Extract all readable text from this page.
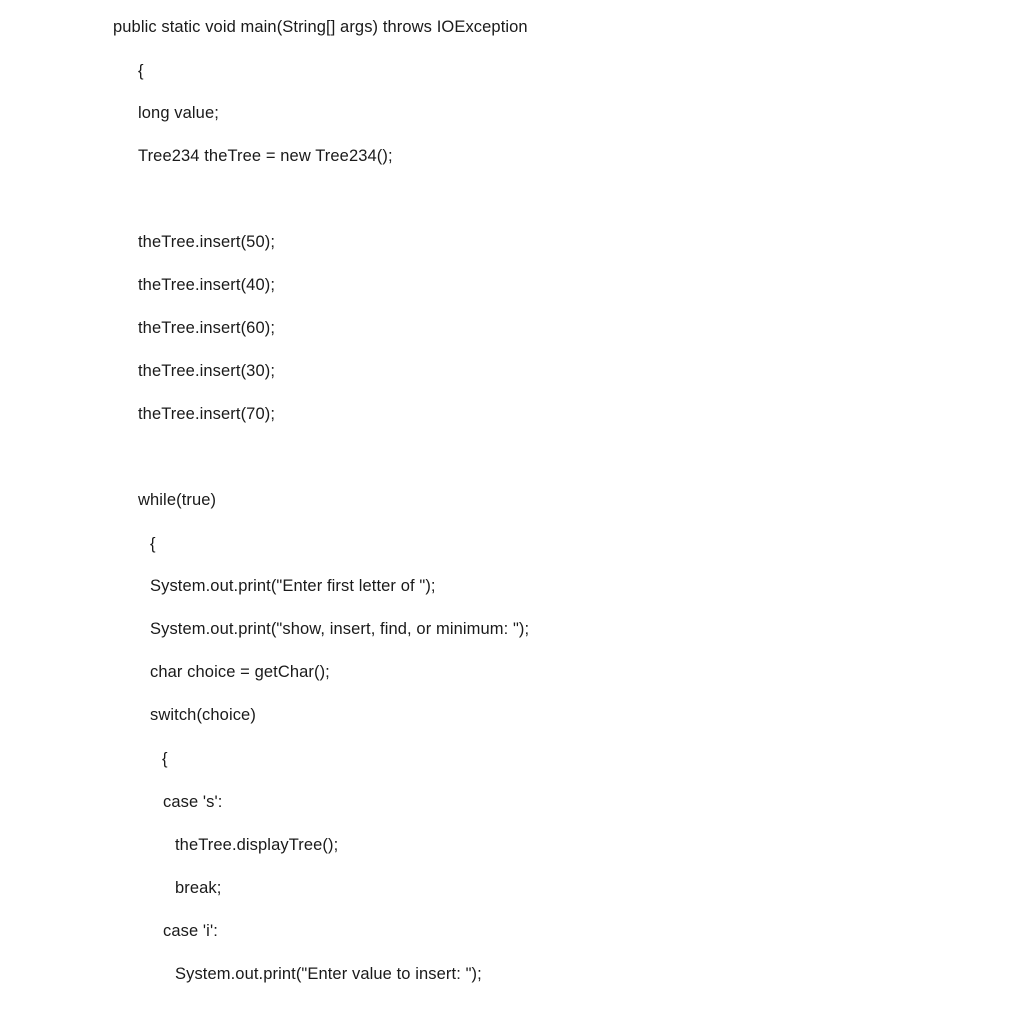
public static void main(String[] args) throws IOException
{
long value;
Tree234 theTree = new Tree234();
theTree.insert(50);
theTree.insert(40);
theTree.insert(60);
theTree.insert(30);
theTree.insert(70);
while(true)
{
System.out.print("Enter first letter of ");
System.out.print("show, insert, find, or minimum: ");
char choice = getChar();
switch(choice)
{
case 's':
theTree.displayTree();
break;
case 'i':
System.out.print("Enter value to insert: ");
